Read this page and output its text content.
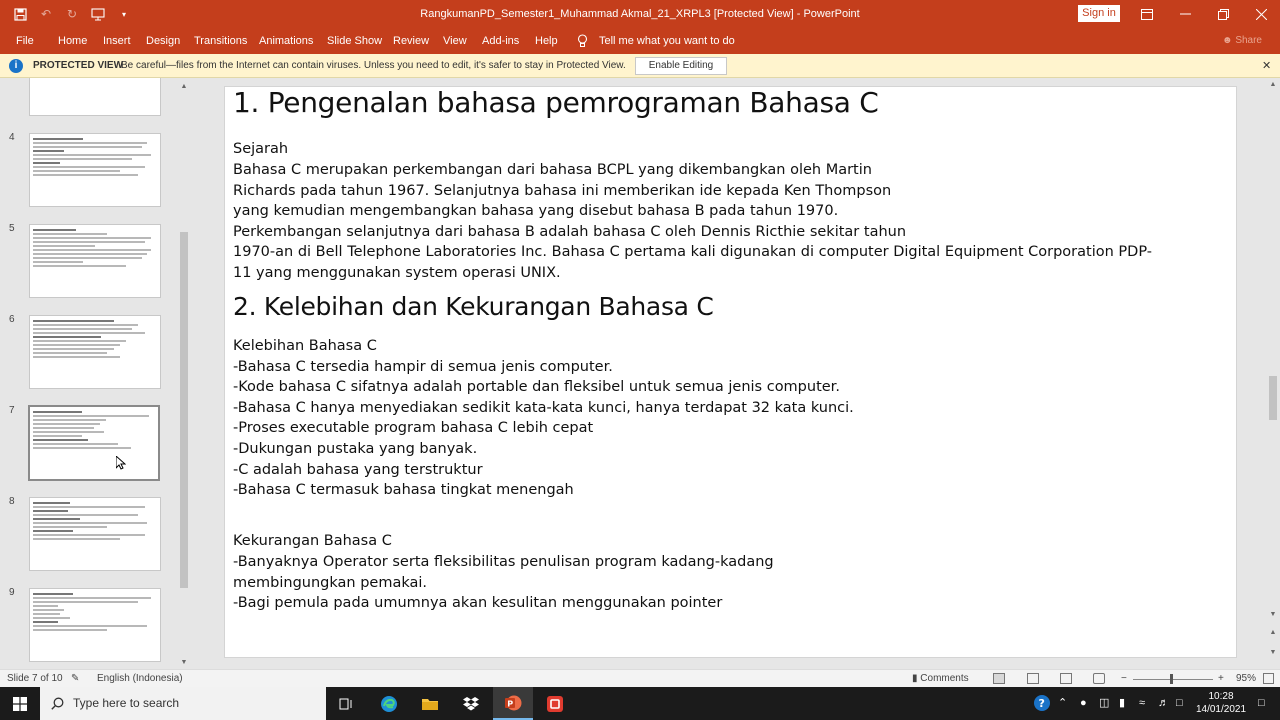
↶	↻	▾	RangkumanPD_Semester1_Muhammad Akmal_21_XRPL3 [Protected View] - PowerPoint	Sign in
File Home Insert Design Transitions Animations Slide Show Review View Add-ins Help	Tell me what you want to do	☻ Share
i	PROTECTED VIEW
Be careful—files from the Internet can contain viruses. Unless you need to edit, it's safer to stay in Protected View.	Enable Editing	✕
4
5
6
7
8
9
▲
▼
1. Pengenalan bahasa pemrograman Bahasa C
Sejarah
Bahasa C merupakan perkembangan dari bahasa BCPL yang dikembangkan oleh Martin
Richards pada tahun 1967. Selanjutnya bahasa ini memberikan ide kepada Ken Thompson
yang kemudian mengembangkan bahasa yang disebut bahasa B pada tahun 1970.
Perkembangan selanjutnya dari bahasa B adalah bahasa C oleh Dennis Ricthie sekitar tahun
1970-an di Bell Telephone Laboratories Inc. Bahasa C pertama kali digunakan di computer Digital Equipment Corporation PDP-
11 yang menggunakan system operasi UNIX.
2. Kelebihan dan Kekurangan Bahasa C
Kelebihan Bahasa C
-Bahasa C tersedia hampir di semua jenis computer.
-Kode bahasa C sifatnya adalah portable dan fleksibel untuk semua jenis computer.
-Bahasa C hanya menyediakan sedikit kata-kata kunci, hanya terdapat 32 kata kunci.
-Proses executable program bahasa C lebih cepat
-Dukungan pustaka yang banyak.
-C adalah bahasa yang terstruktur
-Bahasa C termasuk bahasa tingkat menengah
Kekurangan Bahasa C
-Banyaknya Operator serta fleksibilitas penulisan program kadang-kadang
membingungkan pemakai.
-Bagi pemula pada umumnya akan kesulitan menggunakan pointer
▲
▼
▲
▼
Slide 7 of 10 ✎ English (Indonesia)	▮ Comments	−	+ 95%
Type here to search	P	? ⌃ ● ◫ ▮ ≈ ♬ □
10:28
14/01/2021
□
